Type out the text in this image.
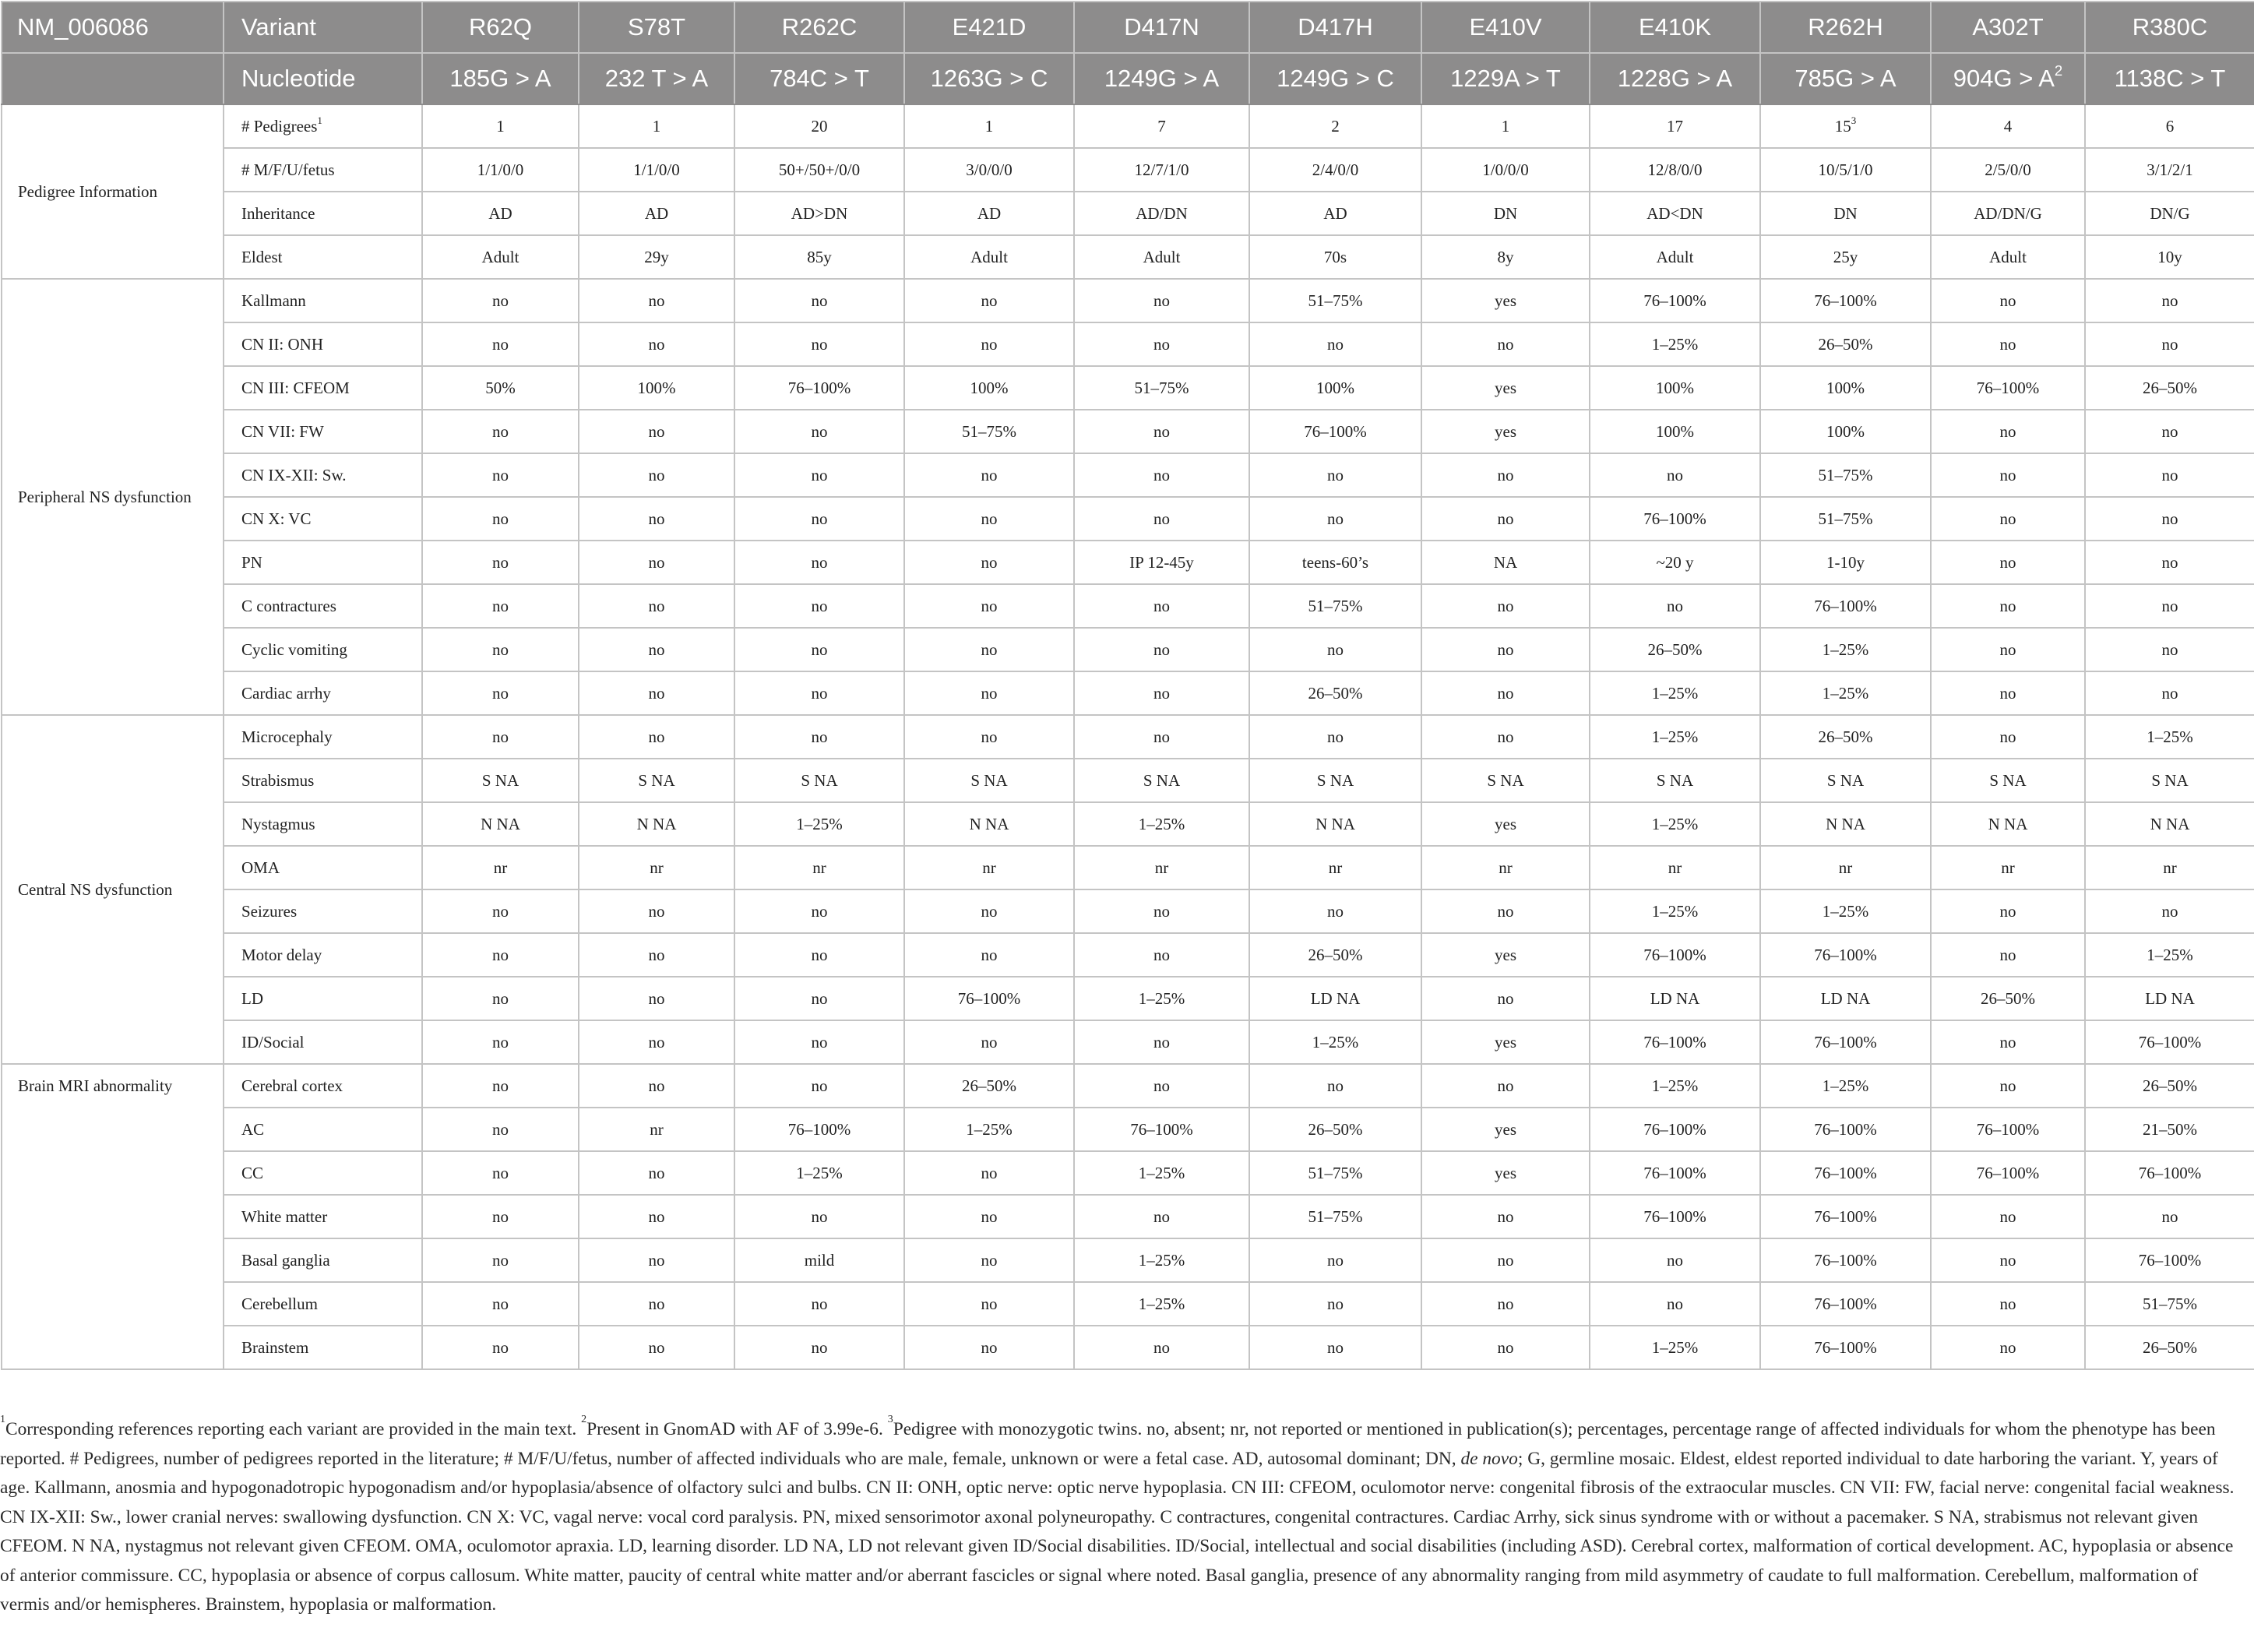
NM_006086	Variant	R62Q	S78T	R262C	E421D	D417N	D417H	E410V	E410K	R262H	A302T	R380C
	Nucleotide	185G > A	232 T > A	784C > T	1263G > C	1249G > A	1249G > C	1229A > T	1228G > A	785G > A	$904G > A^2$	1138C > T
Pedigree Information	# Pedigrees$^1$	1	1	20	1	7	2	1	17	$15^3$	4	6
	# M/F/U/fetus	1/1/0/0	1/1/0/0	50+/50+/0/0	3/0/0/0	12/7/1/0	2/4/0/0	1/0/0/0	12/8/0/0	10/5/1/0	2/5/0/0	3/1/2/1
	Inheritance	AD	AD	AD>DN	AD	AD/DN	AD	DN	AD<DN	DN	AD/DN/G	DN/G
	Eldest	Adult	29y	85y	Adult	Adult	70s	8y	Adult	25y	Adult	10y
Peripheral NS dysfunction	Kallmann	no	no	no	no	no	51–75%	yes	76–100%	76–100%	no	no
	CN II: ONH	no	no	no	no	no	no	no	1–25%	26–50%	no	no
	CN III: CFEOM	50%	100%	76–100%	100%	51–75%	100%	yes	100%	100%	76–100%	26–50%
	CN VII: FW	no	no	no	51–75%	no	76–100%	yes	100%	100%	no	no
	CN IX-XII: Sw.	no	no	no	no	no	no	no	no	51–75%	no	no
	CN X: VC	no	no	no	no	no	no	no	76–100%	51–75%	no	no
	PN	no	no	no	no	IP 12-45y	teens-60’s	NA	~20 y	1-10y	no	no
	C contractures	no	no	no	no	no	51–75%	no	no	76–100%	no	no
	Cyclic vomiting	no	no	no	no	no	no	no	26–50%	1–25%	no	no
	Cardiac arrhy	no	no	no	no	no	26–50%	no	1–25%	1–25%	no	no
Central NS dysfunction	Microcephaly	no	no	no	no	no	no	no	1–25%	26–50%	no	1–25%
	Strabismus	S NA	S NA	S NA	S NA	S NA	S NA	S NA	S NA	S NA	S NA	S NA
	Nystagmus	N NA	N NA	1–25%	N NA	1–25%	N NA	yes	1–25%	N NA	N NA	N NA
	OMA	nr	nr	nr	nr	nr	nr	nr	nr	nr	nr	nr
	Seizures	no	no	no	no	no	no	no	1–25%	1–25%	no	no
	Motor delay	no	no	no	no	no	26–50%	yes	76–100%	76–100%	no	1–25%
	LD	no	no	no	76–100%	1–25%	LD NA	no	LD NA	LD NA	26–50%	LD NA
	ID/Social	no	no	no	no	no	1–25%	yes	76–100%	76–100%	no	76–100%
Brain MRI abnormality	Cerebral cortex	no	no	no	26–50%	no	no	no	1–25%	1–25%	no	26–50%
	AC	no	nr	76–100%	1–25%	76–100%	26–50%	yes	76–100%	76–100%	76–100%	21–50%
	CC	no	no	1–25%	no	1–25%	51–75%	yes	76–100%	76–100%	76–100%	76–100%
	White matter	no	no	no	no	no	51–75%	no	76–100%	76–100%	no	no
	Basal ganglia	no	no	mild	no	1–25%	no	no	no	76–100%	no	76–100%
	Cerebellum	no	no	no	no	1–25%	no	no	no	76–100%	no	51–75%
	Brainstem	no	no	no	no	no	no	no	1–25%	76–100%	no	26–50%
$^1$Corresponding references reporting each variant are provided in the main text. $^2$Present in GnomAD with AF of 3.99e-6. $^3$Pedigree with monozygotic twins. no, absent; nr, not reported or mentioned in publication(s); percentages, percentage range of affected individuals for whom the phenotype has been reported. # Pedigrees, number of pedigrees reported in the literature; # M/F/U/fetus, number of affected individuals who are male, female, unknown or were a fetal case. AD, autosomal dominant; DN, de novo; G, germline mosaic. Eldest, eldest reported individual to date harboring the variant. Y, years of age. Kallmann, anosmia and hypogonadotropic hypogonadism and/or hypoplasia/absence of olfactory sulci and bulbs. CN II: ONH, optic nerve: optic nerve hypoplasia. CN III: CFEOM, oculomotor nerve: congenital fibrosis of the extraocular muscles. CN VII: FW, facial nerve: congenital facial weakness. CN IX-XII: Sw., lower cranial nerves: swallowing dysfunction. CN X: VC, vagal nerve: vocal cord paralysis. PN, mixed sensorimotor axonal polyneuropathy. C contractures, congenital contractures. Cardiac Arrhy, sick sinus syndrome with or without a pacemaker. S NA, strabismus not relevant given CFEOM. N NA, nystagmus not relevant given CFEOM. OMA, oculomotor apraxia. LD, learning disorder. LD NA, LD not relevant given ID/Social disabilities. ID/Social, intellectual and social disabilities (including ASD). Cerebral cortex, malformation of cortical development. AC, hypoplasia or absence of anterior commissure. CC, hypoplasia or absence of corpus callosum. White matter, paucity of central white matter and/or aberrant fascicles or signal where noted. Basal ganglia, presence of any abnormality ranging from mild asymmetry of caudate to full malformation. Cerebellum, malformation of vermis and/or hemispheres. Brainstem, hypoplasia or malformation.
